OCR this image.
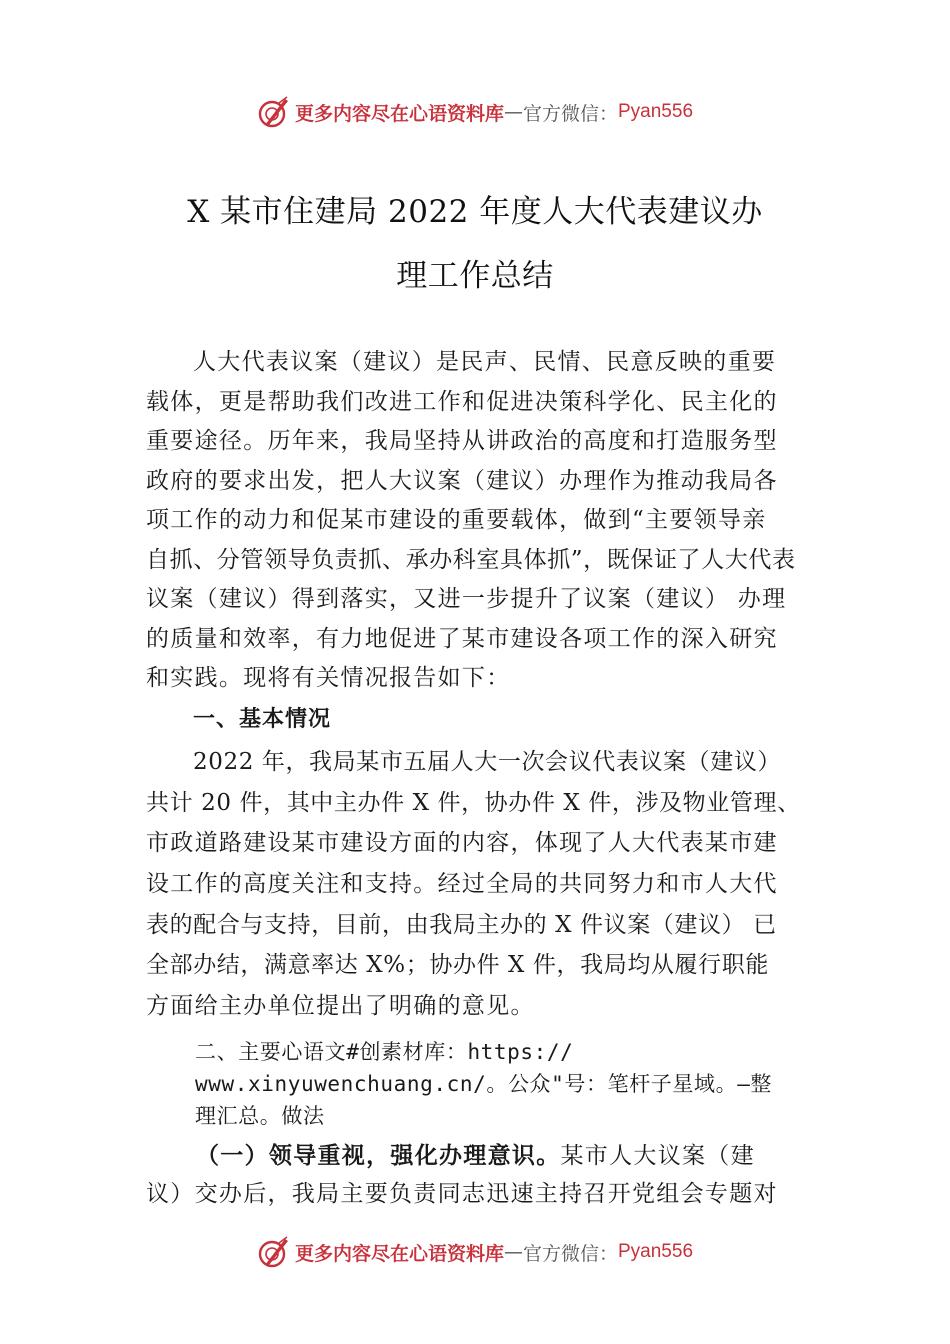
更多内容尽在心语资料库 — 官方微信： Pyan556
X 某市住建局 2022 年度人大代表建议办
理工作总结
人大代表议案（建议）是民声、民情、民意反映的重要
载体，更是帮助我们改进工作和促进决策科学化、民主化的
重要途径。历年来，我局坚持从讲政治的高度和打造服务型
政府的要求出发，把人大议案（建议）办理作为推动我局各
项工作的动力和促某市建设的重要载体，做到“主要领导亲
自抓、分管领导负责抓、承办科室具体抓”，既保证了人大代表
议案（建议）得到落实，又进一步提升了议案（建议） 办理
的质量和效率，有力地促进了某市建设各项工作的深入研究
和实践。现将有关情况报告如下：
一、基本情况
2022 年，我局某市五届人大一次会议代表议案（建议）
共计 20 件，其中主办件 X 件，协办件 X 件，涉及物业管理、
市政道路建设某市建设方面的内容，体现了人大代表某市建
设工作的高度关注和支持。经过全局的共同努力和市人大代
表的配合与支持，目前，由我局主办的 X 件议案（建议） 已
全部办结，满意率达 X%；协办件 X 件，我局均从履行职能
方面给主办单位提出了明确的意见。
二、主要心语文#创素材库：https://
www.xinyuwenchuang.cn/。公众"号：笔杆子星域。—整
理汇总。做法
（一）领导重视，强化办理意识。某市人大议案（建
议）交办后，我局主要负责同志迅速主持召开党组会专题对
更多内容尽在心语资料库 — 官方微信： Pyan556
